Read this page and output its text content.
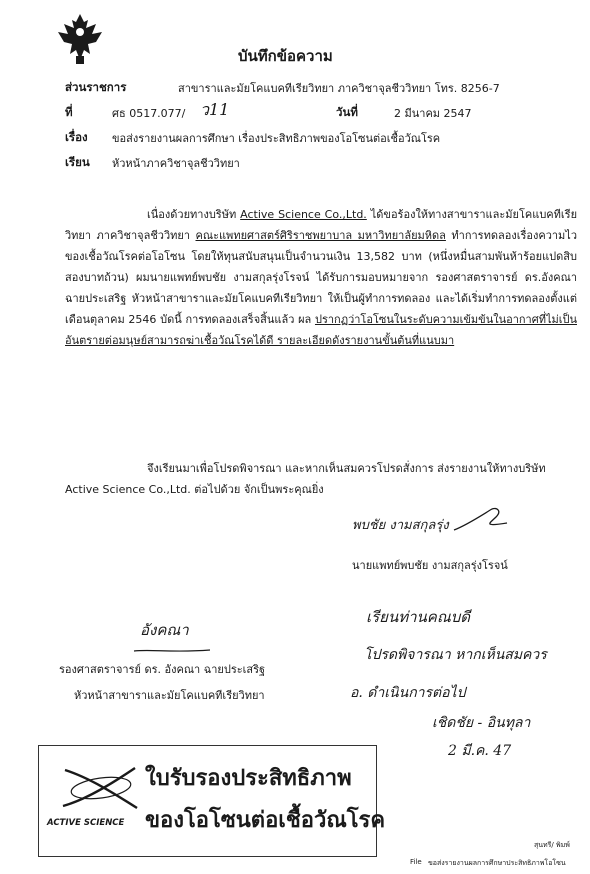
บันทึกข้อความ
ส่วนราชการ	สาขาราและมัยโคแบคทีเรียวิทยา ภาควิชาจุลชีววิทยา โทร. 8256-7
ที่	ศธ 0517.077/ ว11	วันที่	2 มีนาคม 2547
เรื่อง ขอส่งรายงานผลการศึกษา เรื่องประสิทธิภาพของโอโซนต่อเชื้อวัณโรค
เรียน หัวหน้าภาควิชาจุลชีววิทยา
เนื่องด้วยทางบริษัท Active Science Co.,Ltd. ได้ขอร้องให้ทางสาขาราและมัยโคแบคทีเรียวิทยา ภาควิชาจุลชีววิทยา คณะแพทยศาสตร์ศิริราชพยาบาล มหาวิทยาลัยมหิดล ทำการทดลองเรื่องความไวของเชื้อวัณโรคต่อโอโซน โดยให้ทุนสนับสนุนเป็นจำนวนเงิน 13,582 บาท (หนึ่งหมื่นสามพันห้าร้อยแปดสิบสองบาทถ้วน) ผมนายแพทย์พบชัย งามสกุลรุ่งโรจน์ ได้รับการมอบหมายจาก รองศาสตราจารย์ ดร.อังคณา ฉายประเสริฐ หัวหน้าสาขาราและมัยโคแบคทีเรียวิทยา ให้เป็นผู้ทำการทดลอง และได้เริ่มทำการทดลองตั้งแต่เดือนตุลาคม 2546 บัดนี้ การทดลองเสร็จสิ้นแล้ว ผล ปรากฏว่าโอโซนในระดับความเข้มข้นในอากาศที่ไม่เป็นอันตรายต่อมนุษย์สามารถฆ่าเชื้อวัณโรคได้ดี รายละเอียดดังรายงานขั้นต้นที่แนบมา
จึงเรียนมาเพื่อโปรดพิจารณา และหากเห็นสมควรโปรดสั่งการ ส่งรายงานให้ทางบริษัท Active Science Co.,Ltd. ต่อไปด้วย จักเป็นพระคุณยิ่ง
พบชัย งามสกุลรุ่ง
นายแพทย์พบชัย งามสกุลรุ่งโรจน์
เรียนท่านคณบดี
โปรดพิจารณา หากเห็นสมควร
อ. ดำเนินการต่อไป
เชิดชัย - อินทุลา
2 มี.ค. 47
อังคณา
รองศาสตราจารย์ ดร. อังคณา ฉายประเสริฐ
หัวหน้าสาขาราและมัยโคแบคทีเรียวิทยา
ACTIVE SCIENCE
ใบรับรองประสิทธิภาพ
ของโอโซนต่อเชื้อวัณโรค
สุนทรี/ พิมพ์
File ขอส่งรายงานผลการศึกษาประสิทธิภาพโอโซน
